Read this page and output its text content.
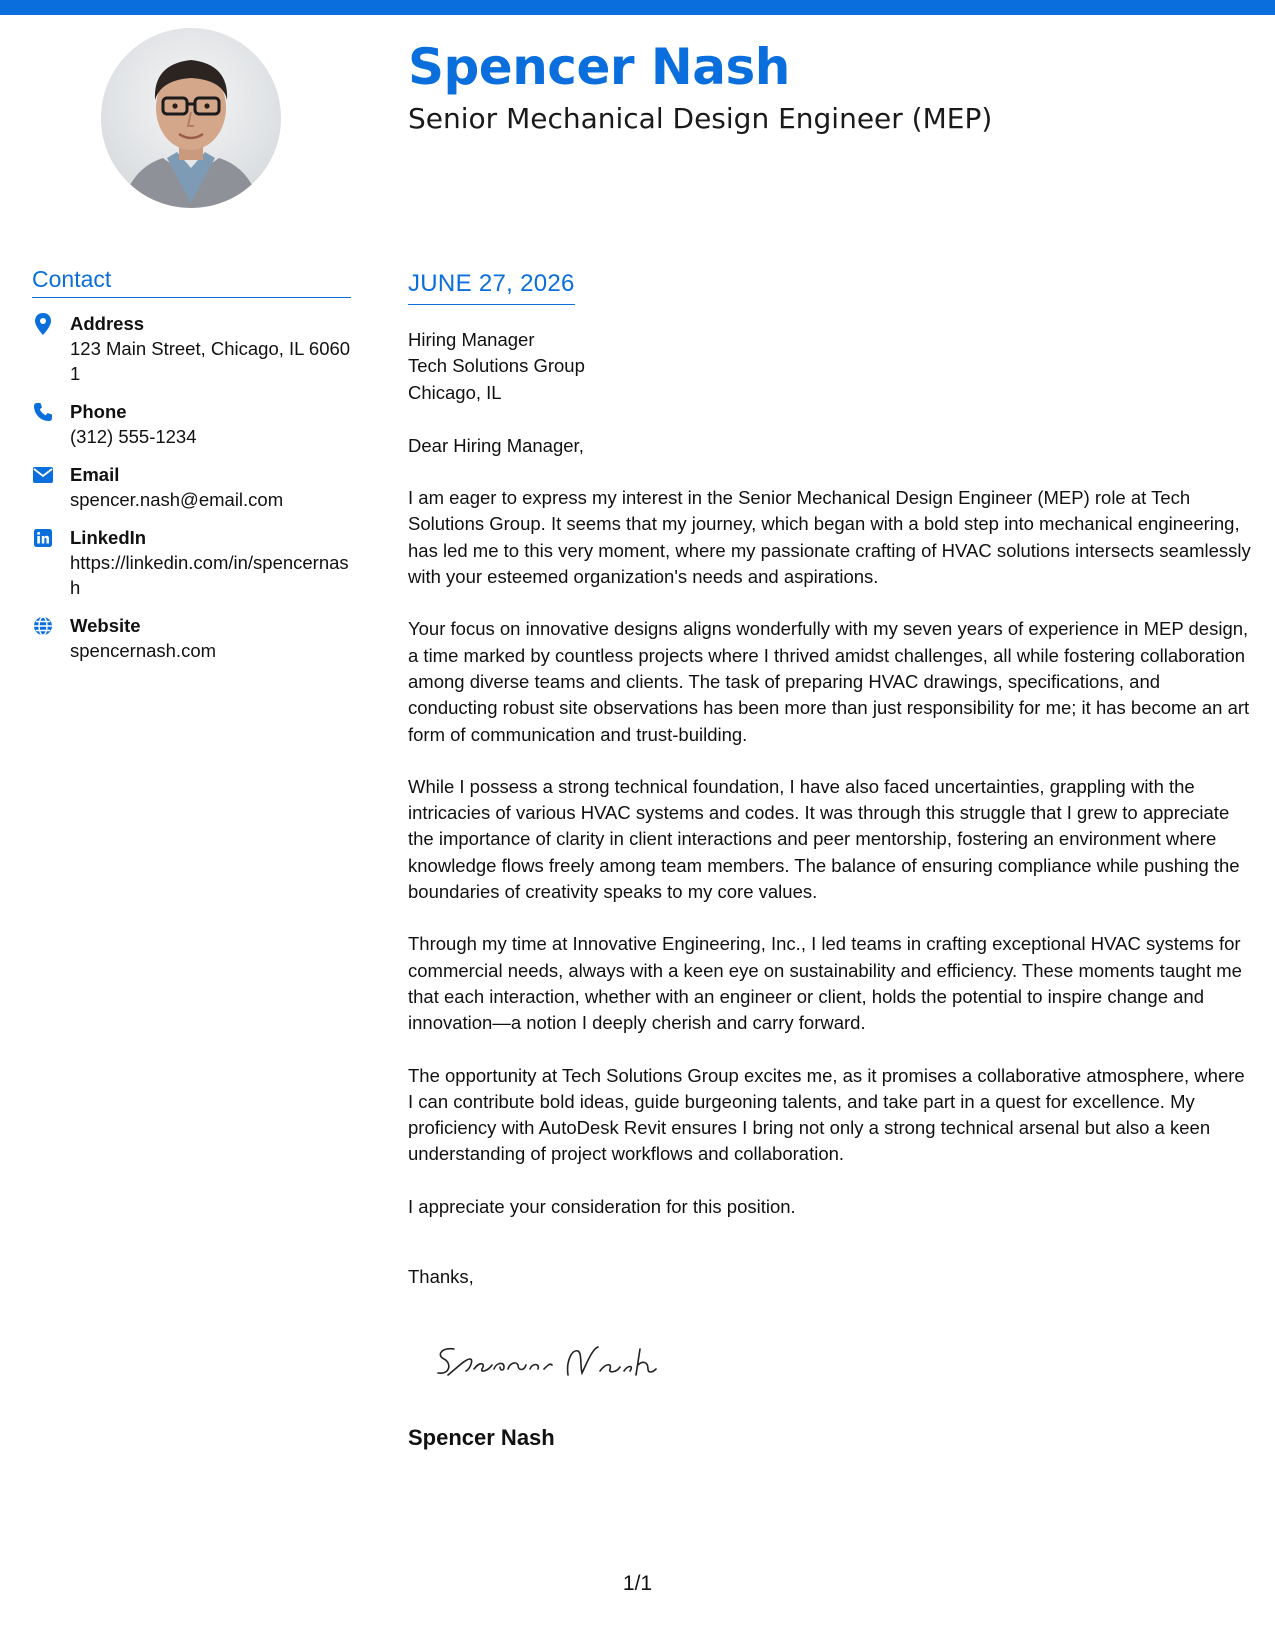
Spencer Nash
Senior Mechanical Design Engineer (MEP)
Contact
Address
123 Main Street, Chicago, IL 60601
Phone
(312) 555-1234
Email
spencer.nash@email.com
LinkedIn
https://linkedin.com/in/spencernash
Website
spencernash.com
JUNE 27, 2026
Hiring Manager
Tech Solutions Group
Chicago, IL
Dear Hiring Manager,
I am eager to express my interest in the Senior Mechanical Design Engineer (MEP) role at Tech Solutions Group. It seems that my journey, which began with a bold step into mechanical engineering, has led me to this very moment, where my passionate crafting of HVAC solutions intersects seamlessly with your esteemed organization's needs and aspirations.
Your focus on innovative designs aligns wonderfully with my seven years of experience in MEP design, a time marked by countless projects where I thrived amidst challenges, all while fostering collaboration among diverse teams and clients. The task of preparing HVAC drawings, specifications, and conducting robust site observations has been more than just responsibility for me; it has become an art form of communication and trust-building.
While I possess a strong technical foundation, I have also faced uncertainties, grappling with the intricacies of various HVAC systems and codes. It was through this struggle that I grew to appreciate the importance of clarity in client interactions and peer mentorship, fostering an environment where knowledge flows freely among team members. The balance of ensuring compliance while pushing the boundaries of creativity speaks to my core values.
Through my time at Innovative Engineering, Inc., I led teams in crafting exceptional HVAC systems for commercial needs, always with a keen eye on sustainability and efficiency. These moments taught me that each interaction, whether with an engineer or client, holds the potential to inspire change and innovation—a notion I deeply cherish and carry forward.
The opportunity at Tech Solutions Group excites me, as it promises a collaborative atmosphere, where I can contribute bold ideas, guide burgeoning talents, and take part in a quest for excellence. My proficiency with AutoDesk Revit ensures I bring not only a strong technical arsenal but also a keen understanding of project workflows and collaboration.
I appreciate your consideration for this position.
Thanks,
Spencer Nash
1/1
